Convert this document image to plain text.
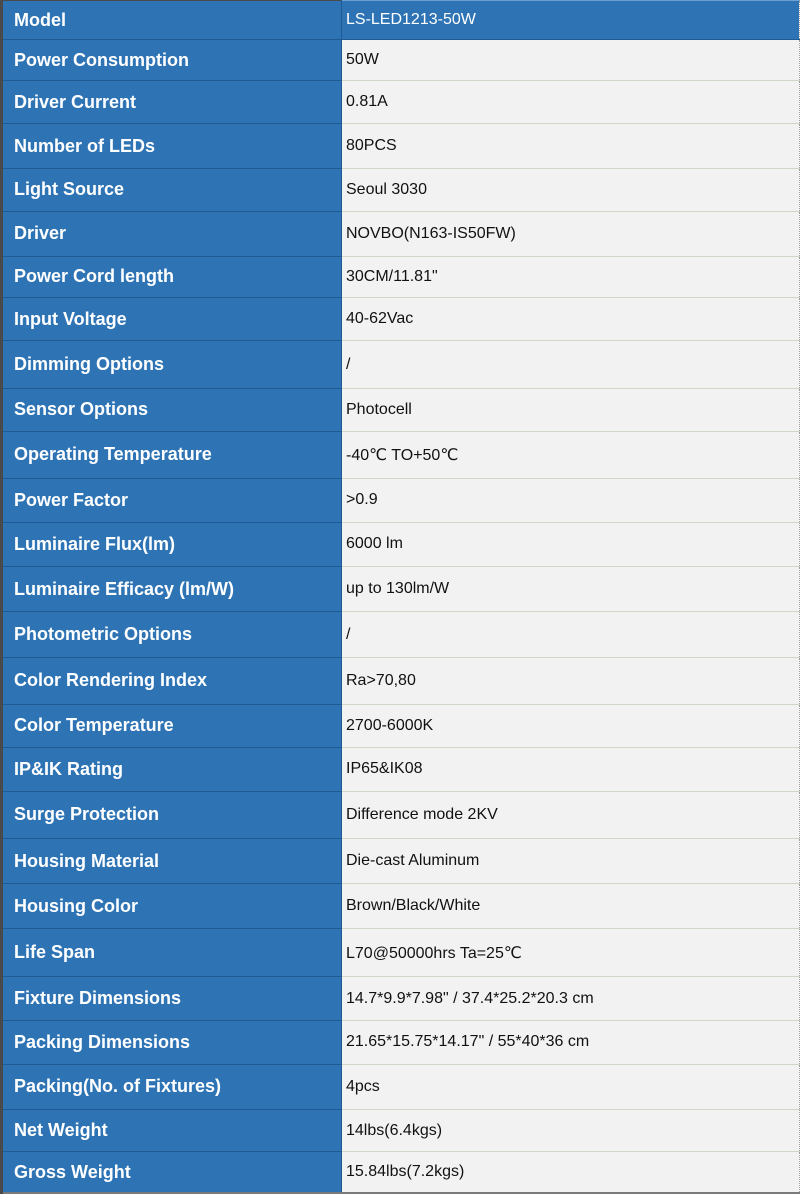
Model	LS-LED1213-50W
Power Consumption	50W
Driver Current	0.81A
Number of LEDs	80PCS
Light Source	Seoul 3030
Driver	NOVBO(N163-IS50FW)
Power Cord length	30CM/11.81"
Input Voltage	40-62Vac
Dimming Options	/
Sensor Options	Photocell
Operating Temperature	-40℃ TO+50℃
Power Factor	>0.9
Luminaire Flux(lm)	6000 lm
Luminaire Efficacy (lm/W)	up to 130lm/W
Photometric Options	/
Color Rendering Index	Ra>70,80
Color Temperature	2700-6000K
IP&IK Rating	IP65&IK08
Surge Protection	Difference mode 2KV
Housing Material	Die-cast Aluminum
Housing Color	Brown/Black/White
Life Span	L70@50000hrs Ta=25℃
Fixture Dimensions	14.7*9.9*7.98" / 37.4*25.2*20.3 cm
Packing Dimensions	21.65*15.75*14.17" / 55*40*36 cm
Packing(No. of Fixtures)	4pcs
Net Weight	14lbs(6.4kgs)
Gross Weight	15.84lbs(7.2kgs)
